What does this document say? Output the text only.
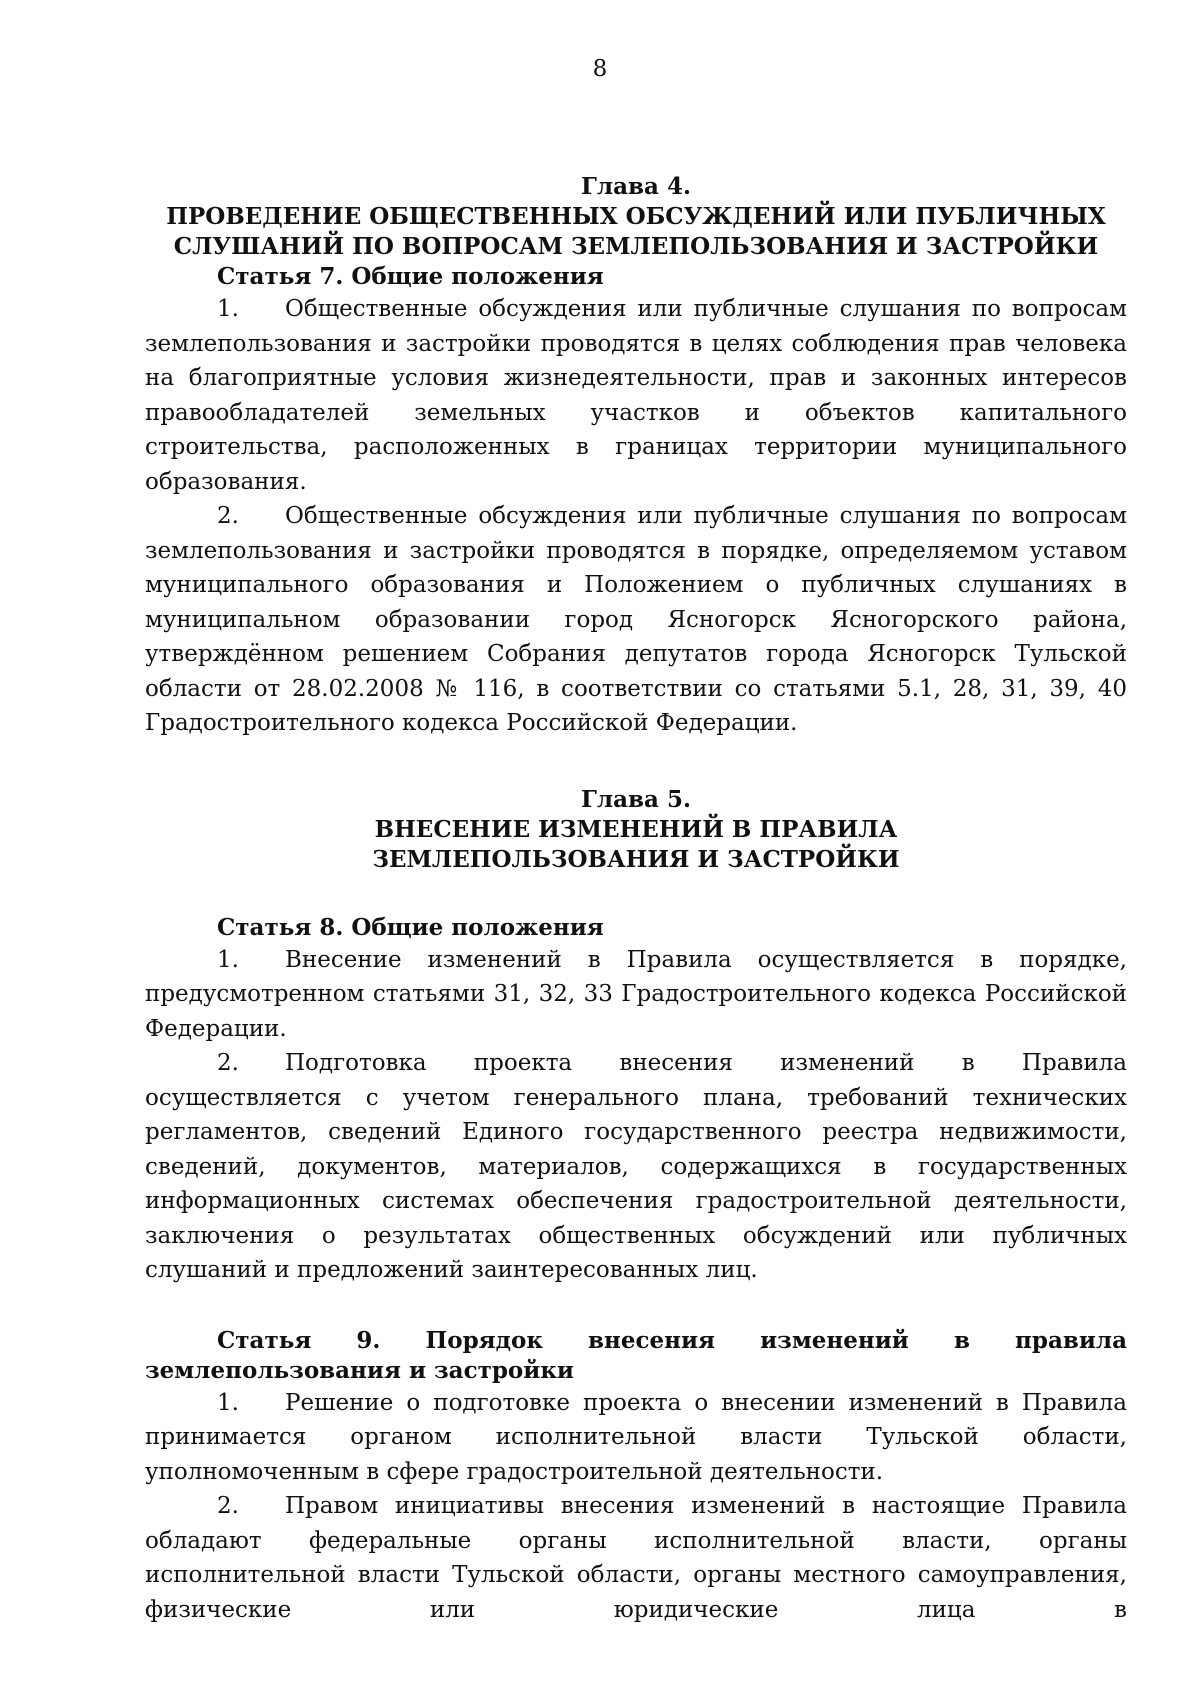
8

Глава 4.

ПРОВЕДЕНИЕ ОБЩЕСТВЕННЫХ ОБСУЖДЕНИЙ ИЛИ ПУБЛИЧНЫХ СЛУШАНИЙ ПО ВОПРОСАМ ЗЕМЛЕПОЛЬЗОВАНИЯ И ЗАСТРОЙКИ

Статья 7. Общие положения

1. Общественные обсуждения или публичные слушания по вопросам землепользования и застройки проводятся в целях соблюдения прав человека на благоприятные условия жизнедеятельности, прав и законных интересов правообладателей земельных участков и объектов капитального строительства, расположенных в границах территории муниципального образования.

2. Общественные обсуждения или публичные слушания по вопросам землепользования и застройки проводятся в порядке, определяемом уставом муниципального образования и Положением о публичных слушаниях в муниципальном образовании город Ясногорск Ясногорского района, утверждённом решением Собрания депутатов города Ясногорск Тульской области от 28.02.2008 № 116, в соответствии со статьями 5.1, 28, 31, 39, 40 Градостроительного кодекса Российской Федерации.

Глава 5.

ВНЕСЕНИЕ ИЗМЕНЕНИЙ В ПРАВИЛА ЗЕМЛЕПОЛЬЗОВАНИЯ И ЗАСТРОЙКИ

Статья 8. Общие положения

1. Внесение изменений в Правила осуществляется в порядке, предусмотренном статьями 31, 32, 33 Градостроительного кодекса Российской Федерации.

2. Подготовка проекта внесения изменений в Правила осуществляется с учетом генерального плана, требований технических регламентов, сведений Единого государственного реестра недвижимости, сведений, документов, материалов, содержащихся в государственных информационных системах обеспечения градостроительной деятельности, заключения о результатах общественных обсуждений или публичных слушаний и предложений заинтересованных лиц.

Статья 9. Порядок внесения изменений в правила землепользования и застройки

1. Решение о подготовке проекта о внесении изменений в Правила принимается органом исполнительной власти Тульской области, уполномоченным в сфере градостроительной деятельности.

2. Правом инициативы внесения изменений в настоящие Правила обладают федеральные органы исполнительной власти, органы исполнительной власти Тульской области, органы местного самоуправления, физические или юридические лица в
